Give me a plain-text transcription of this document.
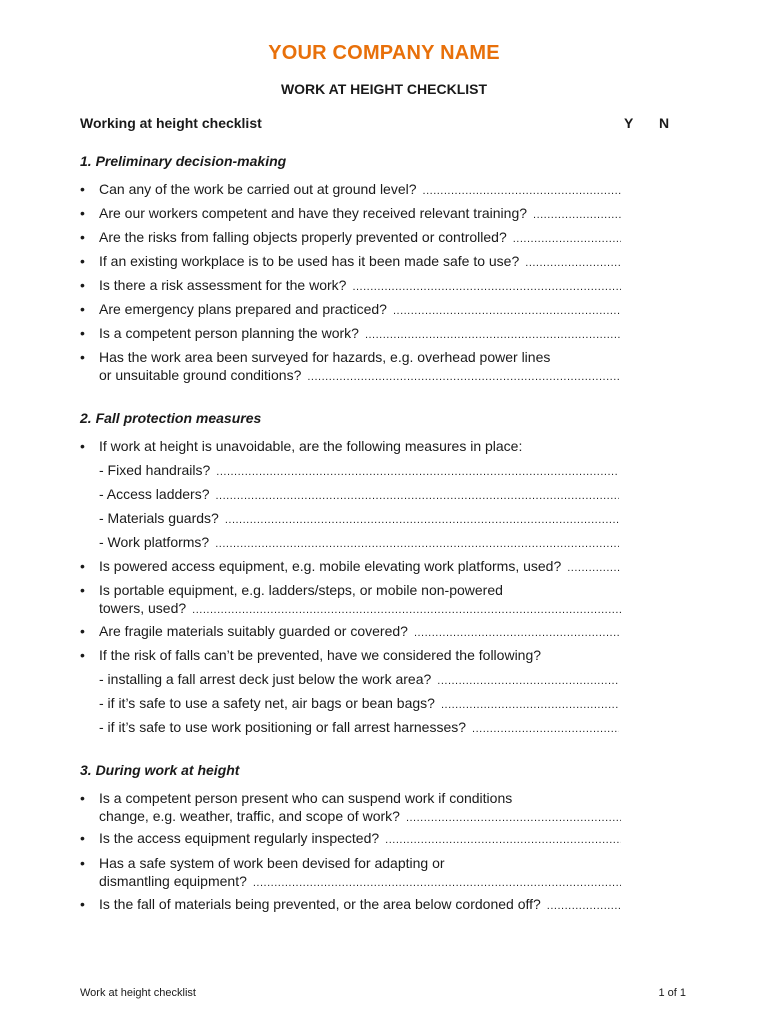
YOUR COMPANY NAME
WORK AT HEIGHT CHECKLIST
Working at height checklist	Y N
1. Preliminary decision-making
• Can any of the work be carried out at ground level?
.....
• Are our workers competent and have they received relevant training?
.....
• Are the risks from falling objects properly prevented or controlled?
.....
• If an existing workplace is to be used has it been made safe to use?
.....
• Is there a risk assessment for the work?
.....
• Are emergency plans prepared and practiced?
.....
• Is a competent person planning the work?
.....
• Has the work area been surveyed for hazards, e.g. overhead power lines
or unsuitable ground conditions?
.....
2. Fall protection measures
• If work at height is unavoidable, are the following measures in place:
- Fixed handrails?
.....
- Access ladders?
.....
- Materials guards?
.....
- Work platforms?
.....
• Is powered access equipment, e.g. mobile elevating work platforms, used?
.....
• Is portable equipment, e.g. ladders/steps, or mobile non-powered
towers, used?
.....
• Are fragile materials suitably guarded or covered?
.....
• If the risk of falls can’t be prevented, have we considered the following?
- installing a fall arrest deck just below the work area?
.....
- if it’s safe to use a safety net, air bags or bean bags?
.....
- if it’s safe to use work positioning or fall arrest harnesses?
.....
3. During work at height
• Is a competent person present who can suspend work if conditions
change, e.g. weather, traffic, and scope of work?
.....
• Is the access equipment regularly inspected?
.....
• Has a safe system of work been devised for adapting or
dismantling equipment?
.....
• Is the fall of materials being prevented, or the area below cordoned off?
.....
Work at height checklist	1 of 1
